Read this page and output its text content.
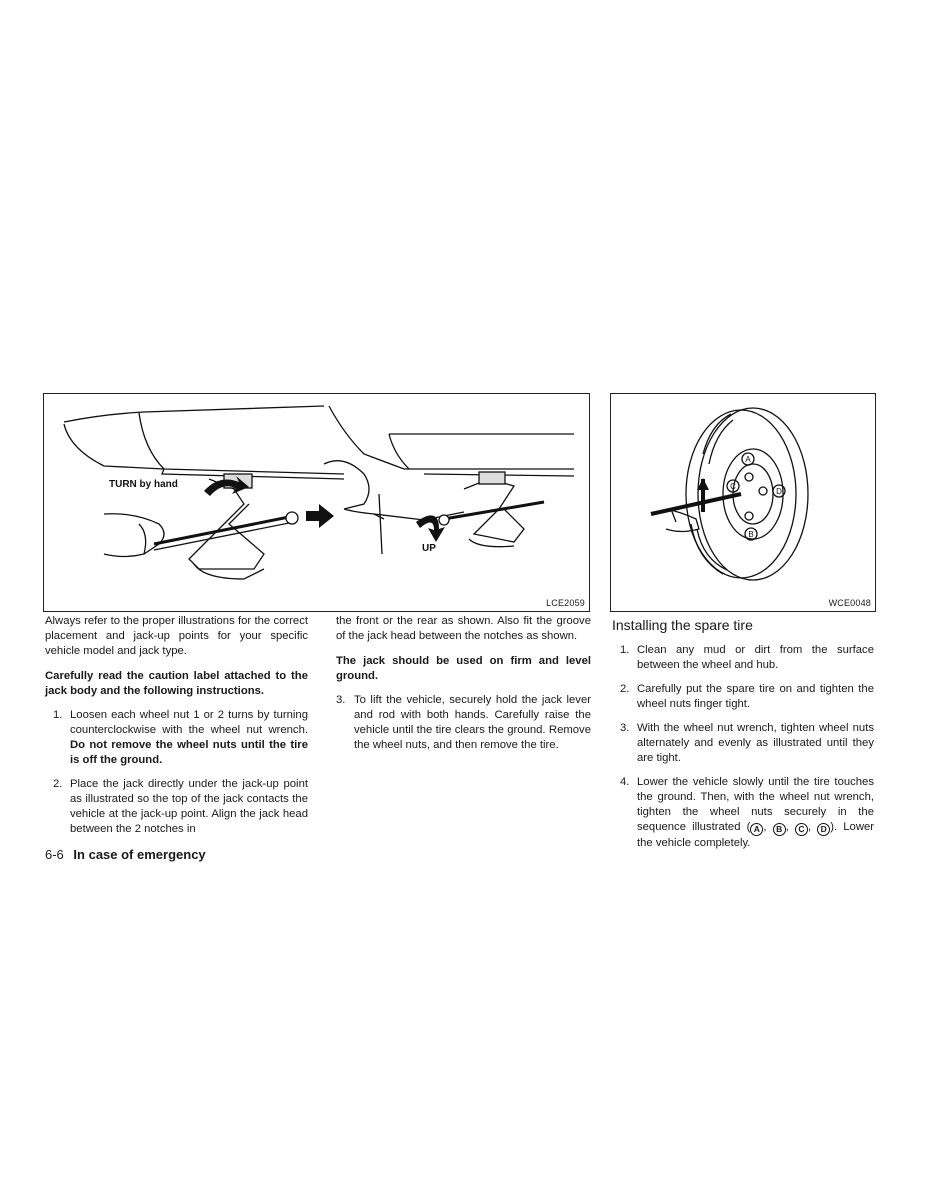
TURN by hand
UP
LCE2059
A
B
C
D
WCE0048

Always refer to the proper illustrations for the correct placement and jack-up points for your specific vehicle model and jack type.

Carefully read the caution label attached to the jack body and the following instructions.

1. Loosen each wheel nut 1 or 2 turns by turning counterclockwise with the wheel nut wrench. Do not remove the wheel nuts until the tire is off the ground.
2. Place the jack directly under the jack-up point as illustrated so the top of the jack contacts the vehicle at the jack-up point. Align the jack head between the 2 notches in

the front or the rear as shown. Also fit the groove of the jack head between the notches as shown.

The jack should be used on firm and level ground.

3. To lift the vehicle, securely hold the jack lever and rod with both hands. Carefully raise the vehicle until the tire clears the ground. Remove the wheel nuts, and then remove the tire.
Installing the spare tire
1. Clean any mud or dirt from the surface between the wheel and hub.
2. Carefully put the spare tire on and tighten the wheel nuts finger tight.
3. With the wheel nut wrench, tighten wheel nuts alternately and evenly as illustrated until they are tight.
4. Lower the vehicle slowly until the tire touches the ground. Then, with the wheel nut wrench, tighten the wheel nuts securely in the sequence illustrated ( A , B , C , D ). Lower the vehicle completely.
6-6 In case of emergency
